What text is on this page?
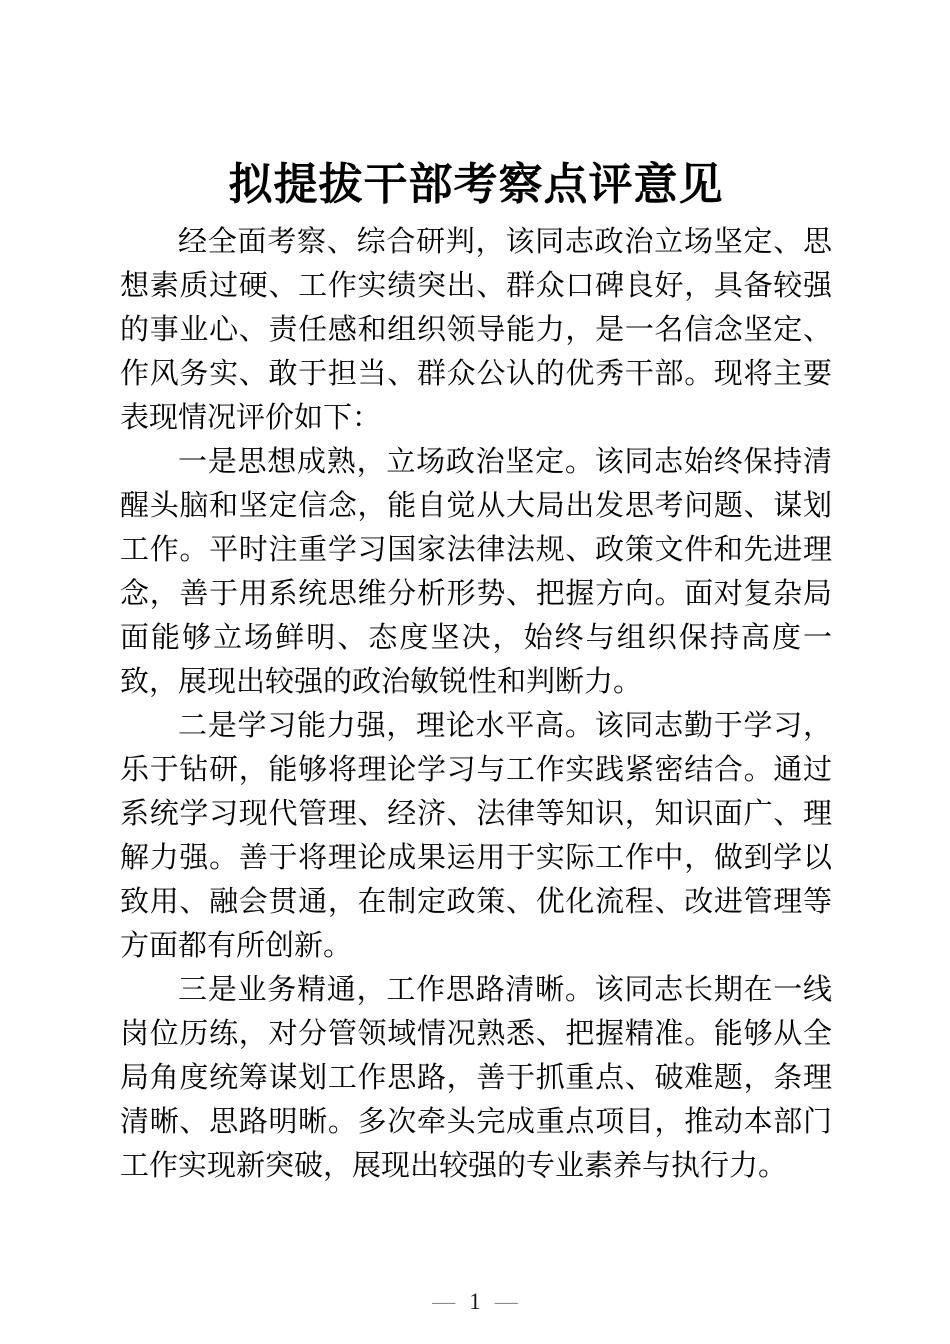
拟提拔干部考察点评意见

经全面考察、综合研判，该同志政治立场坚定、思想素质过硬、工作实绩突出、群众口碑良好，具备较强的事业心、责任感和组织领导能力，是一名信念坚定、作风务实、敢于担当、群众公认的优秀干部。现将主要表现情况评价如下：

一是思想成熟，立场政治坚定。该同志始终保持清醒头脑和坚定信念，能自觉从大局出发思考问题、谋划工作。平时注重学习国家法律法规、政策文件和先进理念，善于用系统思维分析形势、把握方向。面对复杂局面能够立场鲜明、态度坚决，始终与组织保持高度一致，展现出较强的政治敏锐性和判断力。

二是学习能力强，理论水平高。该同志勤于学习，乐于钻研，能够将理论学习与工作实践紧密结合。通过系统学习现代管理、经济、法律等知识，知识面广、理解力强。善于将理论成果运用于实际工作中，做到学以致用、融会贯通，在制定政策、优化流程、改进管理等方面都有所创新。

三是业务精通，工作思路清晰。该同志长期在一线岗位历练，对分管领域情况熟悉、把握精准。能够从全局角度统筹谋划工作思路，善于抓重点、破难题，条理清晰、思路明晰。多次牵头完成重点项目，推动本部门工作实现新突破，展现出较强的专业素养与执行力。

— 1 —
